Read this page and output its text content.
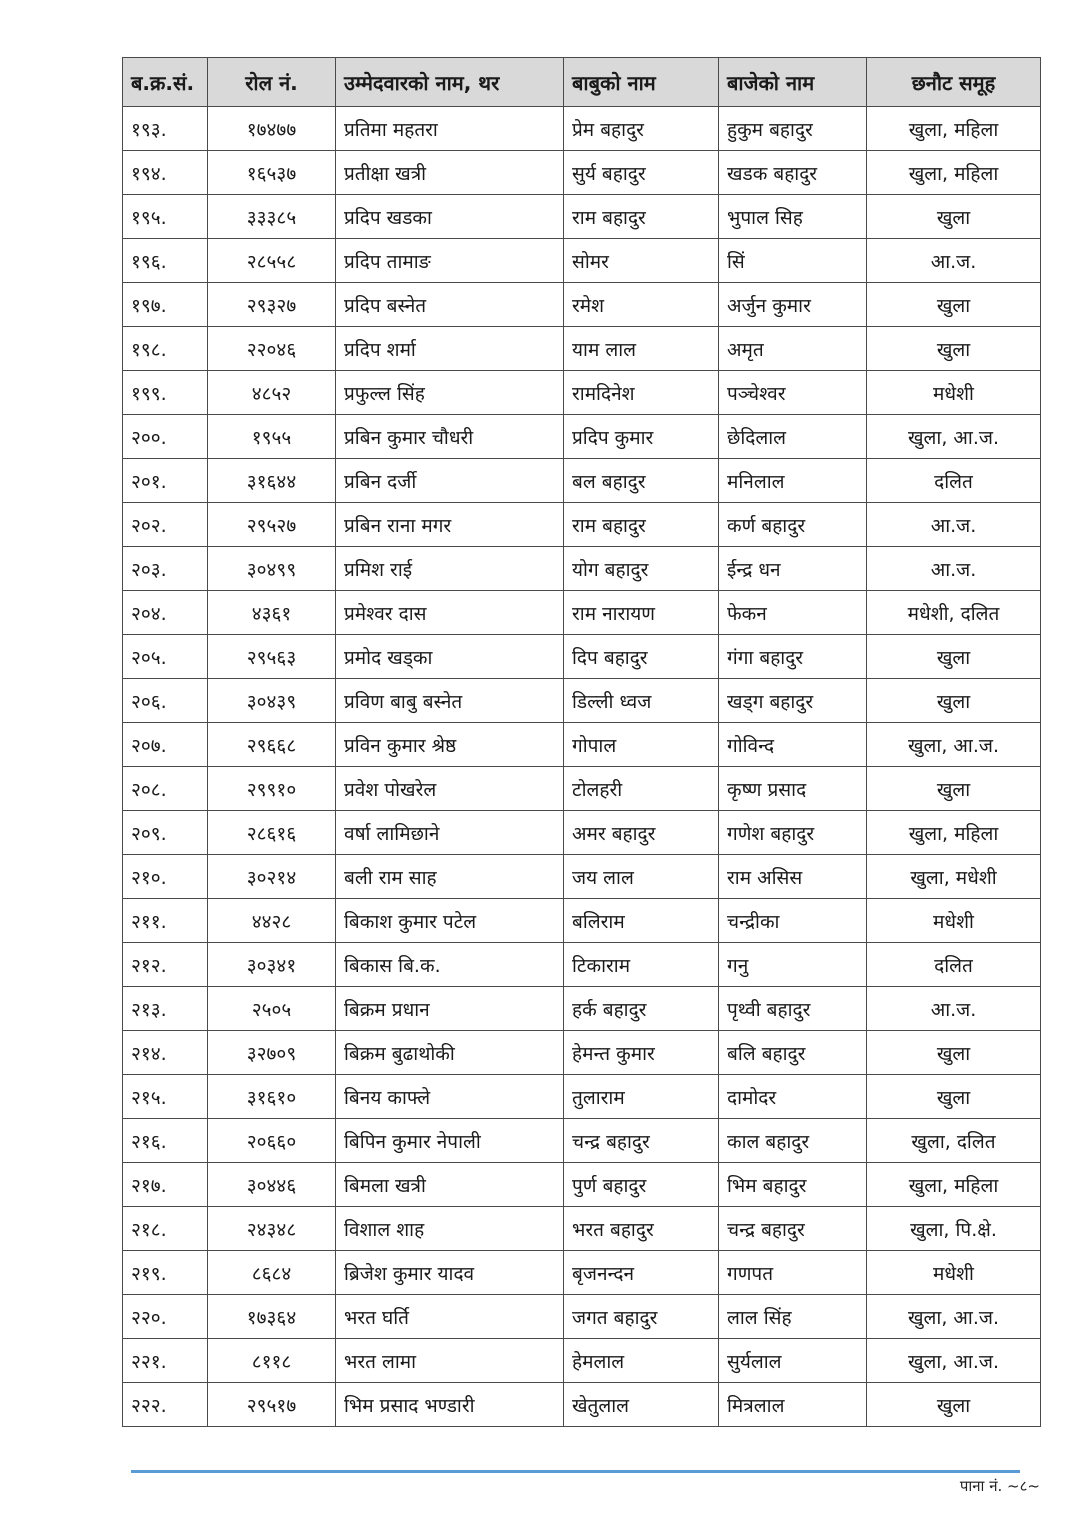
ब.क्र.सं.	रोल नं.	उम्मेदवारको नाम, थर	बाबुको नाम	बाजेको नाम	छनौट समूह
१९३.	१७४७७	प्रतिमा महतरा	प्रेम बहादुर	हुकुम बहादुर	खुला, महिला
१९४.	१६५३७	प्रतीक्षा खत्री	सुर्य बहादुर	खडक बहादुर	खुला, महिला
१९५.	३३३८५	प्रदिप खडका	राम बहादुर	भुपाल सिह	खुला
१९६.	२८५५८	प्रदिप तामाङ	सोमर	सिं	आ.ज.
१९७.	२९३२७	प्रदिप बस्नेत	रमेश	अर्जुन कुमार	खुला
१९८.	२२०४६	प्रदिप शर्मा	याम लाल	अमृत	खुला
१९९.	४८५२	प्रफुल्ल सिंह	रामदिनेश	पञ्चेश्वर	मधेशी
२००.	१९५५	प्रबिन कुमार चौधरी	प्रदिप कुमार	छेदिलाल	खुला, आ.ज.
२०१.	३१६४४	प्रबिन दर्जी	बल बहादुर	मनिलाल	दलित
२०२.	२९५२७	प्रबिन राना मगर	राम बहादुर	कर्ण बहादुर	आ.ज.
२०३.	३०४९९	प्रमिश राई	योग बहादुर	ईन्द्र धन	आ.ज.
२०४.	४३६१	प्रमेश्वर दास	राम नारायण	फेकन	मधेशी, दलित
२०५.	२९५६३	प्रमोद खड्का	दिप बहादुर	गंगा बहादुर	खुला
२०६.	३०४३९	प्रविण बाबु बस्नेत	डिल्ली ध्वज	खड्ग बहादुर	खुला
२०७.	२९६६८	प्रविन कुमार श्रेष्ठ	गोपाल	गोविन्द	खुला, आ.ज.
२०८.	२९९१०	प्रवेश पोखरेल	टोलहरी	कृष्ण प्रसाद	खुला
२०९.	२८६१६	वर्षा लामिछाने	अमर बहादुर	गणेश बहादुर	खुला, महिला
२१०.	३०२१४	बली राम साह	जय लाल	राम असिस	खुला, मधेशी
२११.	४४२८	बिकाश कुमार पटेल	बलिराम	चन्द्रीका	मधेशी
२१२.	३०३४१	बिकास बि.क.	टिकाराम	गनु	दलित
२१३.	२५०५	बिक्रम प्रधान	हर्क बहादुर	पृथ्वी बहादुर	आ.ज.
२१४.	३२७०९	बिक्रम बुढाथोकी	हेमन्त कुमार	बलि बहादुर	खुला
२१५.	३१६१०	बिनय काफ्ले	तुलाराम	दामोदर	खुला
२१६.	२०६६०	बिपिन कुमार नेपाली	चन्द्र बहादुर	काल बहादुर	खुला, दलित
२१७.	३०४४६	बिमला खत्री	पुर्ण बहादुर	भिम बहादुर	खुला, महिला
२१८.	२४३४८	विशाल शाह	भरत बहादुर	चन्द्र बहादुर	खुला, पि.क्षे.
२१९.	८६८४	ब्रिजेश कुमार यादव	बृजनन्दन	गणपत	मधेशी
२२०.	१७३६४	भरत घर्ति	जगत बहादुर	लाल सिंह	खुला, आ.ज.
२२१.	८११८	भरत लामा	हेमलाल	सुर्यलाल	खुला, आ.ज.
२२२.	२९५१७	भिम प्रसाद भण्डारी	खेतुलाल	मित्रलाल	खुला
पाना नं. ~८~
